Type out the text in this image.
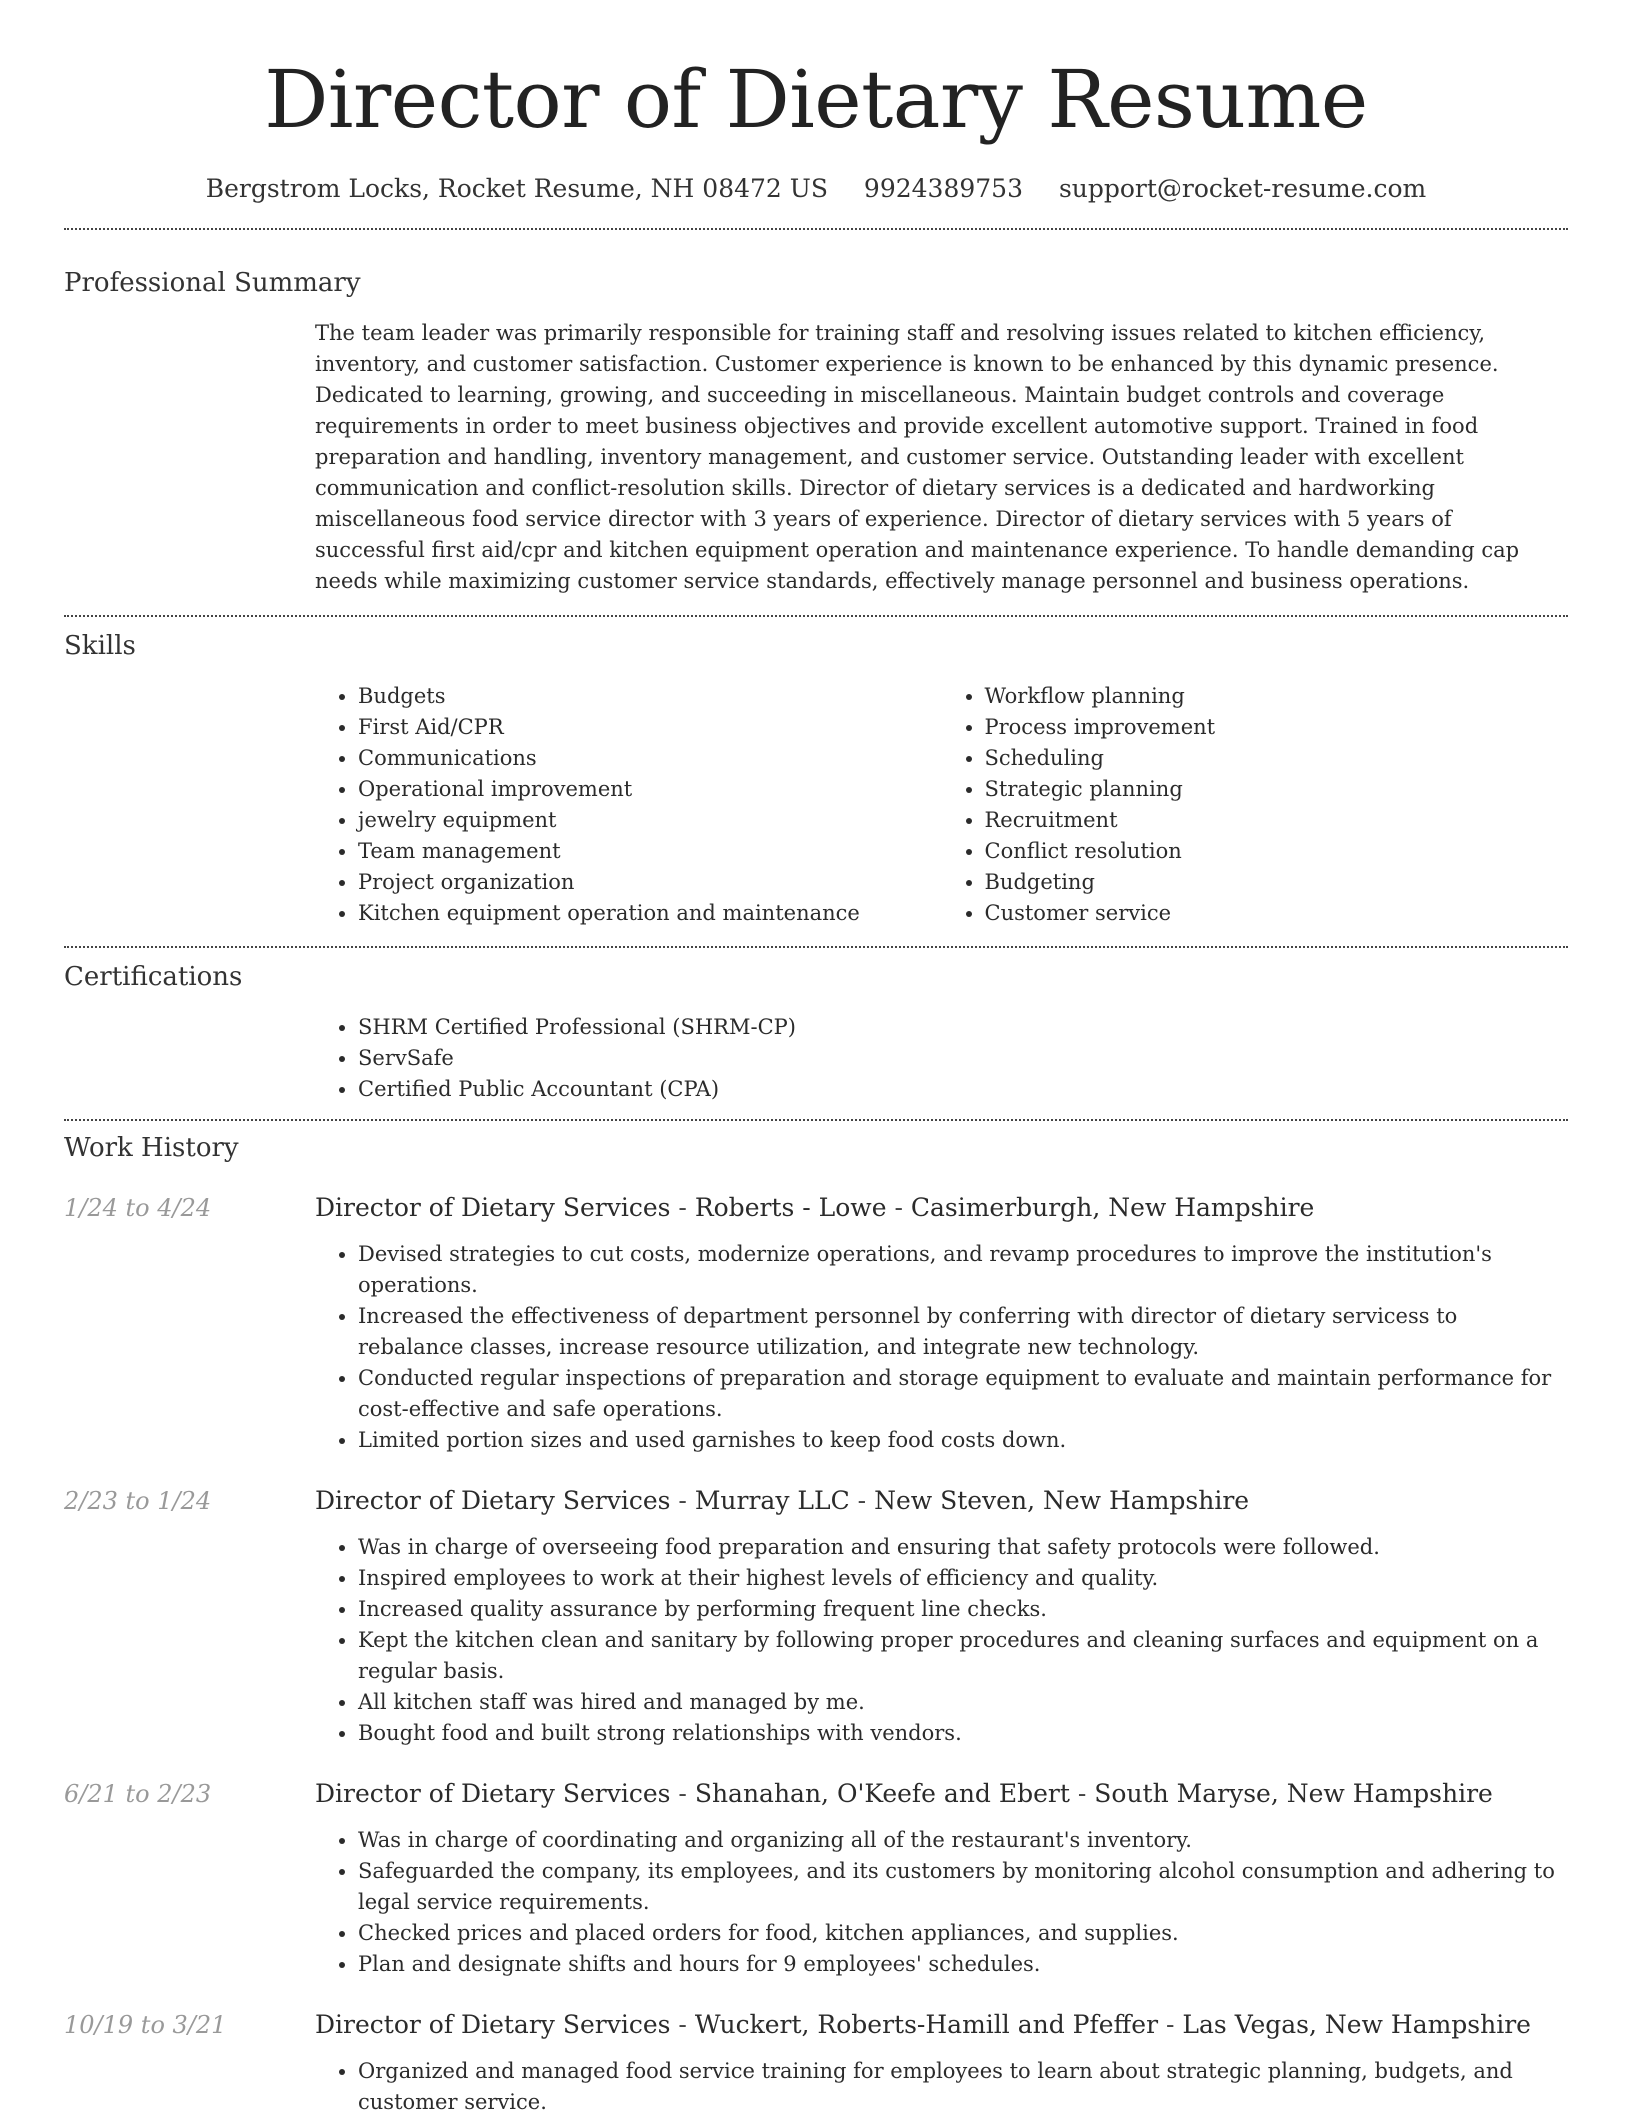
Director of Dietary Resume
Bergstrom Locks, Rocket Resume, NH 08472 US 9924389753 support@rocket-resume.com
Professional Summary
The team leader was primarily responsible for training staff and resolving issues related to kitchen efficiency, inventory, and customer satisfaction. Customer experience is known to be enhanced by this dynamic presence. Dedicated to learning, growing, and succeeding in miscellaneous. Maintain budget controls and coverage requirements in order to meet business objectives and provide excellent automotive support. Trained in food preparation and handling, inventory management, and customer service. Outstanding leader with excellent communication and conflict-resolution skills. Director of dietary services is a dedicated and hardworking miscellaneous food service director with 3 years of experience. Director of dietary services with 5 years of successful first aid/cpr and kitchen equipment operation and maintenance experience. To handle demanding cap needs while maximizing customer service standards, effectively manage personnel and business operations.
Skills
• Budgets
• First Aid/CPR
• Communications
• Operational improvement
• jewelry equipment
• Team management
• Project organization
• Kitchen equipment operation and maintenance
• Workflow planning
• Process improvement
• Scheduling
• Strategic planning
• Recruitment
• Conflict resolution
• Budgeting
• Customer service
Certifications
• SHRM Certified Professional (SHRM-CP)
• ServSafe
• Certified Public Accountant (CPA)
Work History
1/24 to 4/24	Director of Dietary Services - Roberts - Lowe - Casimerburgh, New Hampshire
• Devised strategies to cut costs, modernize operations, and revamp procedures to improve the institution's operations.
• Increased the effectiveness of department personnel by conferring with director of dietary servicess to rebalance classes, increase resource utilization, and integrate new technology.
• Conducted regular inspections of preparation and storage equipment to evaluate and maintain performance for cost-effective and safe operations.
• Limited portion sizes and used garnishes to keep food costs down.
2/23 to 1/24	Director of Dietary Services - Murray LLC - New Steven, New Hampshire
• Was in charge of overseeing food preparation and ensuring that safety protocols were followed.
• Inspired employees to work at their highest levels of efficiency and quality.
• Increased quality assurance by performing frequent line checks.
• Kept the kitchen clean and sanitary by following proper procedures and cleaning surfaces and equipment on a regular basis.
• All kitchen staff was hired and managed by me.
• Bought food and built strong relationships with vendors.
6/21 to 2/23	Director of Dietary Services - Shanahan, O'Keefe and Ebert - South Maryse, New Hampshire
• Was in charge of coordinating and organizing all of the restaurant's inventory.
• Safeguarded the company, its employees, and its customers by monitoring alcohol consumption and adhering to legal service requirements.
• Checked prices and placed orders for food, kitchen appliances, and supplies.
• Plan and designate shifts and hours for 9 employees' schedules.
10/19 to 3/21	Director of Dietary Services - Wuckert, Roberts-Hamill and Pfeffer - Las Vegas, New Hampshire
• Organized and managed food service training for employees to learn about strategic planning, budgets, and customer service.
